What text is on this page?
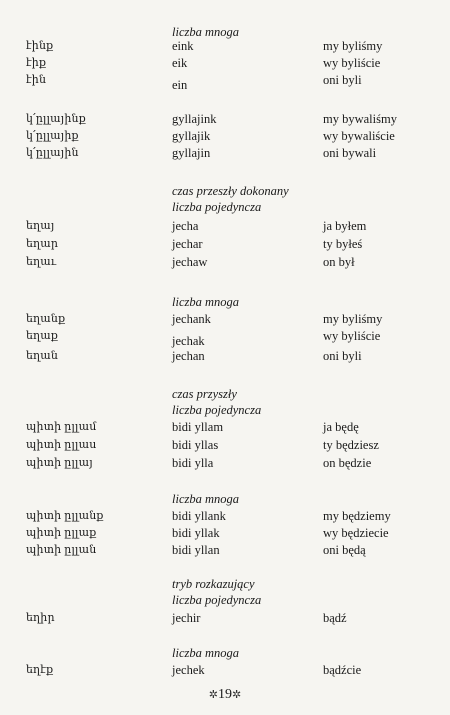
liczba mnoga
էինք	eink	my byliśmy
էիք	eik	wy byliście
էին	ein	oni byli
կ՛ըլլայինք	gyllajink	my bywaliśmy
կ՛ըլլայիք	gyllajik	wy bywaliście
կ՛ըլլային	gyllajin	oni bywali
czas przeszły dokonany
liczba pojedyncza
եղայ	jecha	ja byłem
եղար	jechar	ty byłeś
եղաւ	jechaw	on był
liczba mnoga
եղանք	jechank	my byliśmy
եղաք	jechak	wy byliście
եղան	jechan	oni byli
czas przyszły
liczba pojedyncza
պիտի ըլլամ	bidi yllam	ja będę
պիտի ըլլաս	bidi yllas	ty będziesz
պիտի ըլլայ	bidi ylla	on będzie
liczba mnoga
պիտի ըլլանք	bidi yllank	my będziemy
պիտի ըլլաք	bidi yllak	wy będziecie
պիտի ըլլան	bidi yllan	oni będą
tryb rozkazujący
liczba pojedyncza
եղիր	jechir	bądź
liczba mnoga
եղէք	jechek	bądźcie
✲19✲
